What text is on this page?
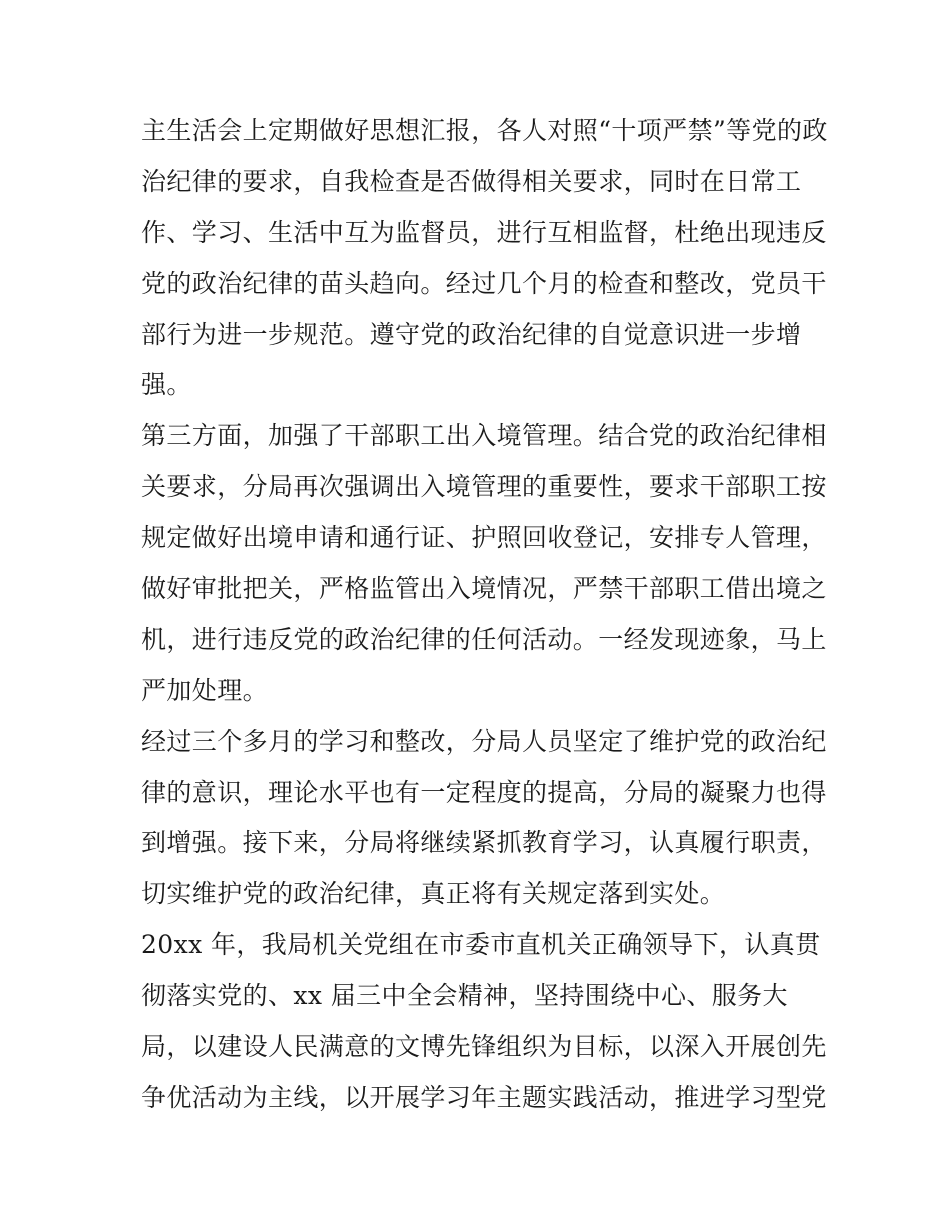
主生活会上定期做好思想汇报，各人对照“十项严禁”等党的政
治纪律的要求，自我检查是否做得相关要求，同时在日常工
作、学习、生活中互为监督员，进行互相监督，杜绝出现违反
党的政治纪律的苗头趋向。经过几个月的检查和整改，党员干
部行为进一步规范。遵守党的政治纪律的自觉意识进一步增
强。
第三方面，加强了干部职工出入境管理。结合党的政治纪律相
关要求，分局再次强调出入境管理的重要性，要求干部职工按
规定做好出境申请和通行证、护照回收登记，安排专人管理，
做好审批把关，严格监管出入境情况，严禁干部职工借出境之
机，进行违反党的政治纪律的任何活动。一经发现迹象，马上
严加处理。
经过三个多月的学习和整改，分局人员坚定了维护党的政治纪
律的意识，理论水平也有一定程度的提高，分局的凝聚力也得
到增强。接下来，分局将继续紧抓教育学习，认真履行职责，
切实维护党的政治纪律，真正将有关规定落到实处。
20xx 年，我局机关党组在市委市直机关正确领导下，认真贯
彻落实党的、xx 届三中全会精神，坚持围绕中心、服务大
局，以建设人民满意的文博先锋组织为目标，以深入开展创先
争优活动为主线，以开展学习年主题实践活动，推进学习型党
